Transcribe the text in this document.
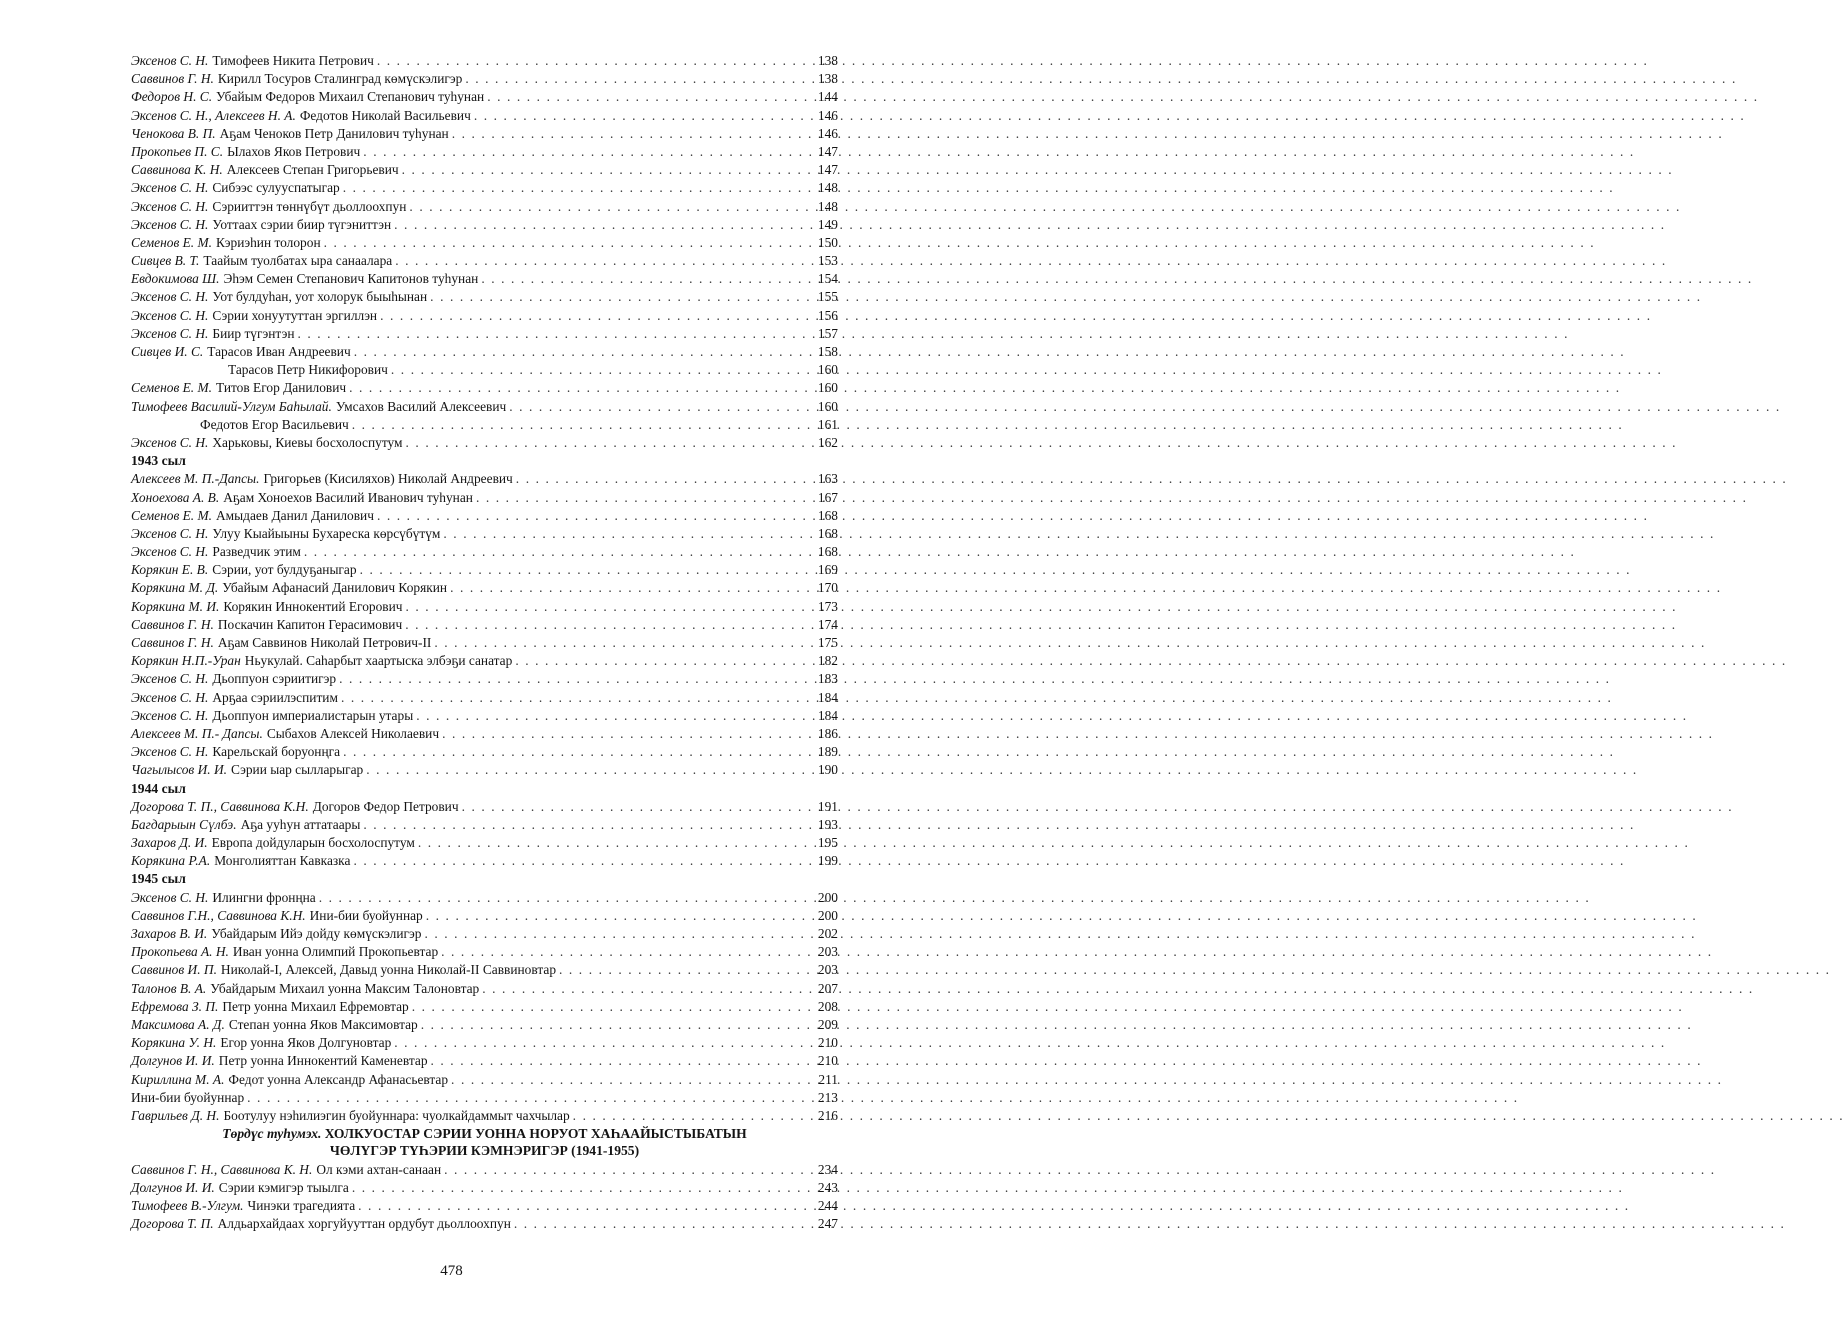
Эксенов С. Н. Тимофеев Никита Петрович . . .	138
Саввинов Г. Н. Кирилл Тосуров Сталинград көмүскэлигэр . . .	138
Федоров Н. С. Убайым Федоров Михаил Степанович туһунан . . .	144
Эксенов С. Н., Алексеев Н. А. Федотов Николай Васильевич . . .	146
Ченокова В. П. Аҕам Ченоков Петр Данилович туһунан . . .	146
Прокопьев П. С. Ылахов Яков Петрович . . .	147
Саввинова К. Н. Алексеев Степан Григорьевич . . .	147
Эксенов С. Н. Сибээс сулууспатыгар . . .	148
Эксенов С. Н. Сэрииттэн төннүбүт дьоллоохпун . . .	148
Эксенов С. Н. Уоттаах сэрии биир түгэниттэн . . .	149
Семенов Е. М. Кэриэһин толорон . . .	150
Сивцев В. Т. Таайым туолбатах ыра санаалара . . .	153
Евдокимова Ш. Эһэм Семен Степанович Капитонов туһунан . . .	154
Эксенов С. Н. Уот булдуһан, уот холорук быыһынан . . .	155
Эксенов С. Н. Сэрии хонуутуттан эргиллэн . . .	156
Эксенов С. Н. Биир түгэнтэн . . .	157
Сивцев И. С. Тарасов Иван Андреевич . . .	158
Тарасов Петр Никифорович . . .	160
Семенов Е. М. Титов Егор Данилович . . .	160
Тимофеев Василий-Улгум Баһылай. Умсахов Василий Алексеевич . . .	160
Федотов Егор Васильевич . . .	161
Эксенов С. Н. Харьковы, Киевы босхолоспутум . . .	162
1943 сыл
Алексеев М. П.-Дапсы. Григорьев (Кисиляхов) Николай Андреевич . . .	163
Хоноехова А. В. Аҕам Хоноехов Василий Иванович туһунан . . .	167
Семенов Е. М. Амыдаев Данил Данилович . . .	168
Эксенов С. Н. Улуу Кыайыыны Бухареска көрсүбүтүм . . .	168
Эксенов С. Н. Разведчик этим . . .	168
Корякин Е. В. Сэрии, уот булдуҕаныгар . . .	169
Корякина М. Д. Убайым Афанасий Данилович Корякин . . .	170
Корякина М. И. Корякин Иннокентий Егорович . . .	173
Саввинов Г. Н. Поскачин Капитон Герасимович . . .	174
Саввинов Г. Н. Аҕам Саввинов Николай Петрович-II . . .	175
Корякин Н.П.-Уран Ньукулай. Саһарбыт хаартыска элбэҕи санатар . . .	182
Эксенов С. Н. Дьоппуон сэриитигэр . . .	183
Эксенов С. Н. Арҕаа сэриилэспитим . . .	184
Эксенов С. Н. Дьоппуон империалистарын утары . . .	184
Алексеев М. П.- Дапсы. Сыбахов Алексей Николаевич . . .	186
Эксенов С. Н. Карельскай боруонңга . . .	189
Чагылысов И. И. Сэрии ыар сылларыгар . . .	190
1944 сыл
Догорова Т. П., Саввинова К.Н. Догоров Федор Петрович . . .	191
Багдарыын Сүлбэ. Аҕа ууһун аттатаары . . .	193
Захаров Д. И. Европа дойдуларын босхолоспутум . . .	195
Корякина Р.А. Монголияттан Кавказка . . .	199
1945 сыл
Эксенов С. Н. Илингни фронңна . . .	200
Саввинов Г.Н., Саввинова К.Н. Ини-бии буойуннар . . .	200
Захаров В. И. Убайдарым Ийэ дойду көмүскэлигэр . . .	202
Прокопьева А. Н. Иван уонна Олимпий Прокопьевтар . . .	203
Саввинов И. П. Николай-I, Алексей, Давыд уонна Николай-II Саввиновтар . . .	203
Талонов В. А. Убайдарым Михаил уонна Максим Талоновтар . . .	207
Ефремова З. П. Петр уонна Михаил Ефремовтар . . .	208
Максимова А. Д. Степан уонна Яков Максимовтар . . .	209
Корякина У. Н. Егор уонна Яков Долгуновтар . . .	210
Долгунов И. И. Петр уонна Иннокентий Каменевтар . . .	210
Кириллина М. А. Федот уонна Александр Афанасьевтар . . .	211
Ини-бии буойуннар . . .	213
Гаврильев Д. Н. Боотулуу нэһилиэгин буойуннара: чуолкайдаммыт чахчылар . . .	216
Төрдүс туһумэх. ХОЛКУОСТАР СЭРИИ УОННА НОРУОТ ХАҺААЙЫСТЫБАТЫН
ЧӨЛҮГЭР ТҮҺЭРИИ КЭМНЭРИГЭР (1941-1955)
Саввинов Г. Н., Саввинова К. Н. Ол кэми ахтан-санаан . . .	234
Долгунов И. И. Сэрии кэмигэр тыылга . . .	243
Тимофеев В.-Улгум. Чинэки трагедията . . .	244
Догорова Т. П. Алдьархайдаах хоргуйууттан ордубут дьоллоохпун . . .	247
478
